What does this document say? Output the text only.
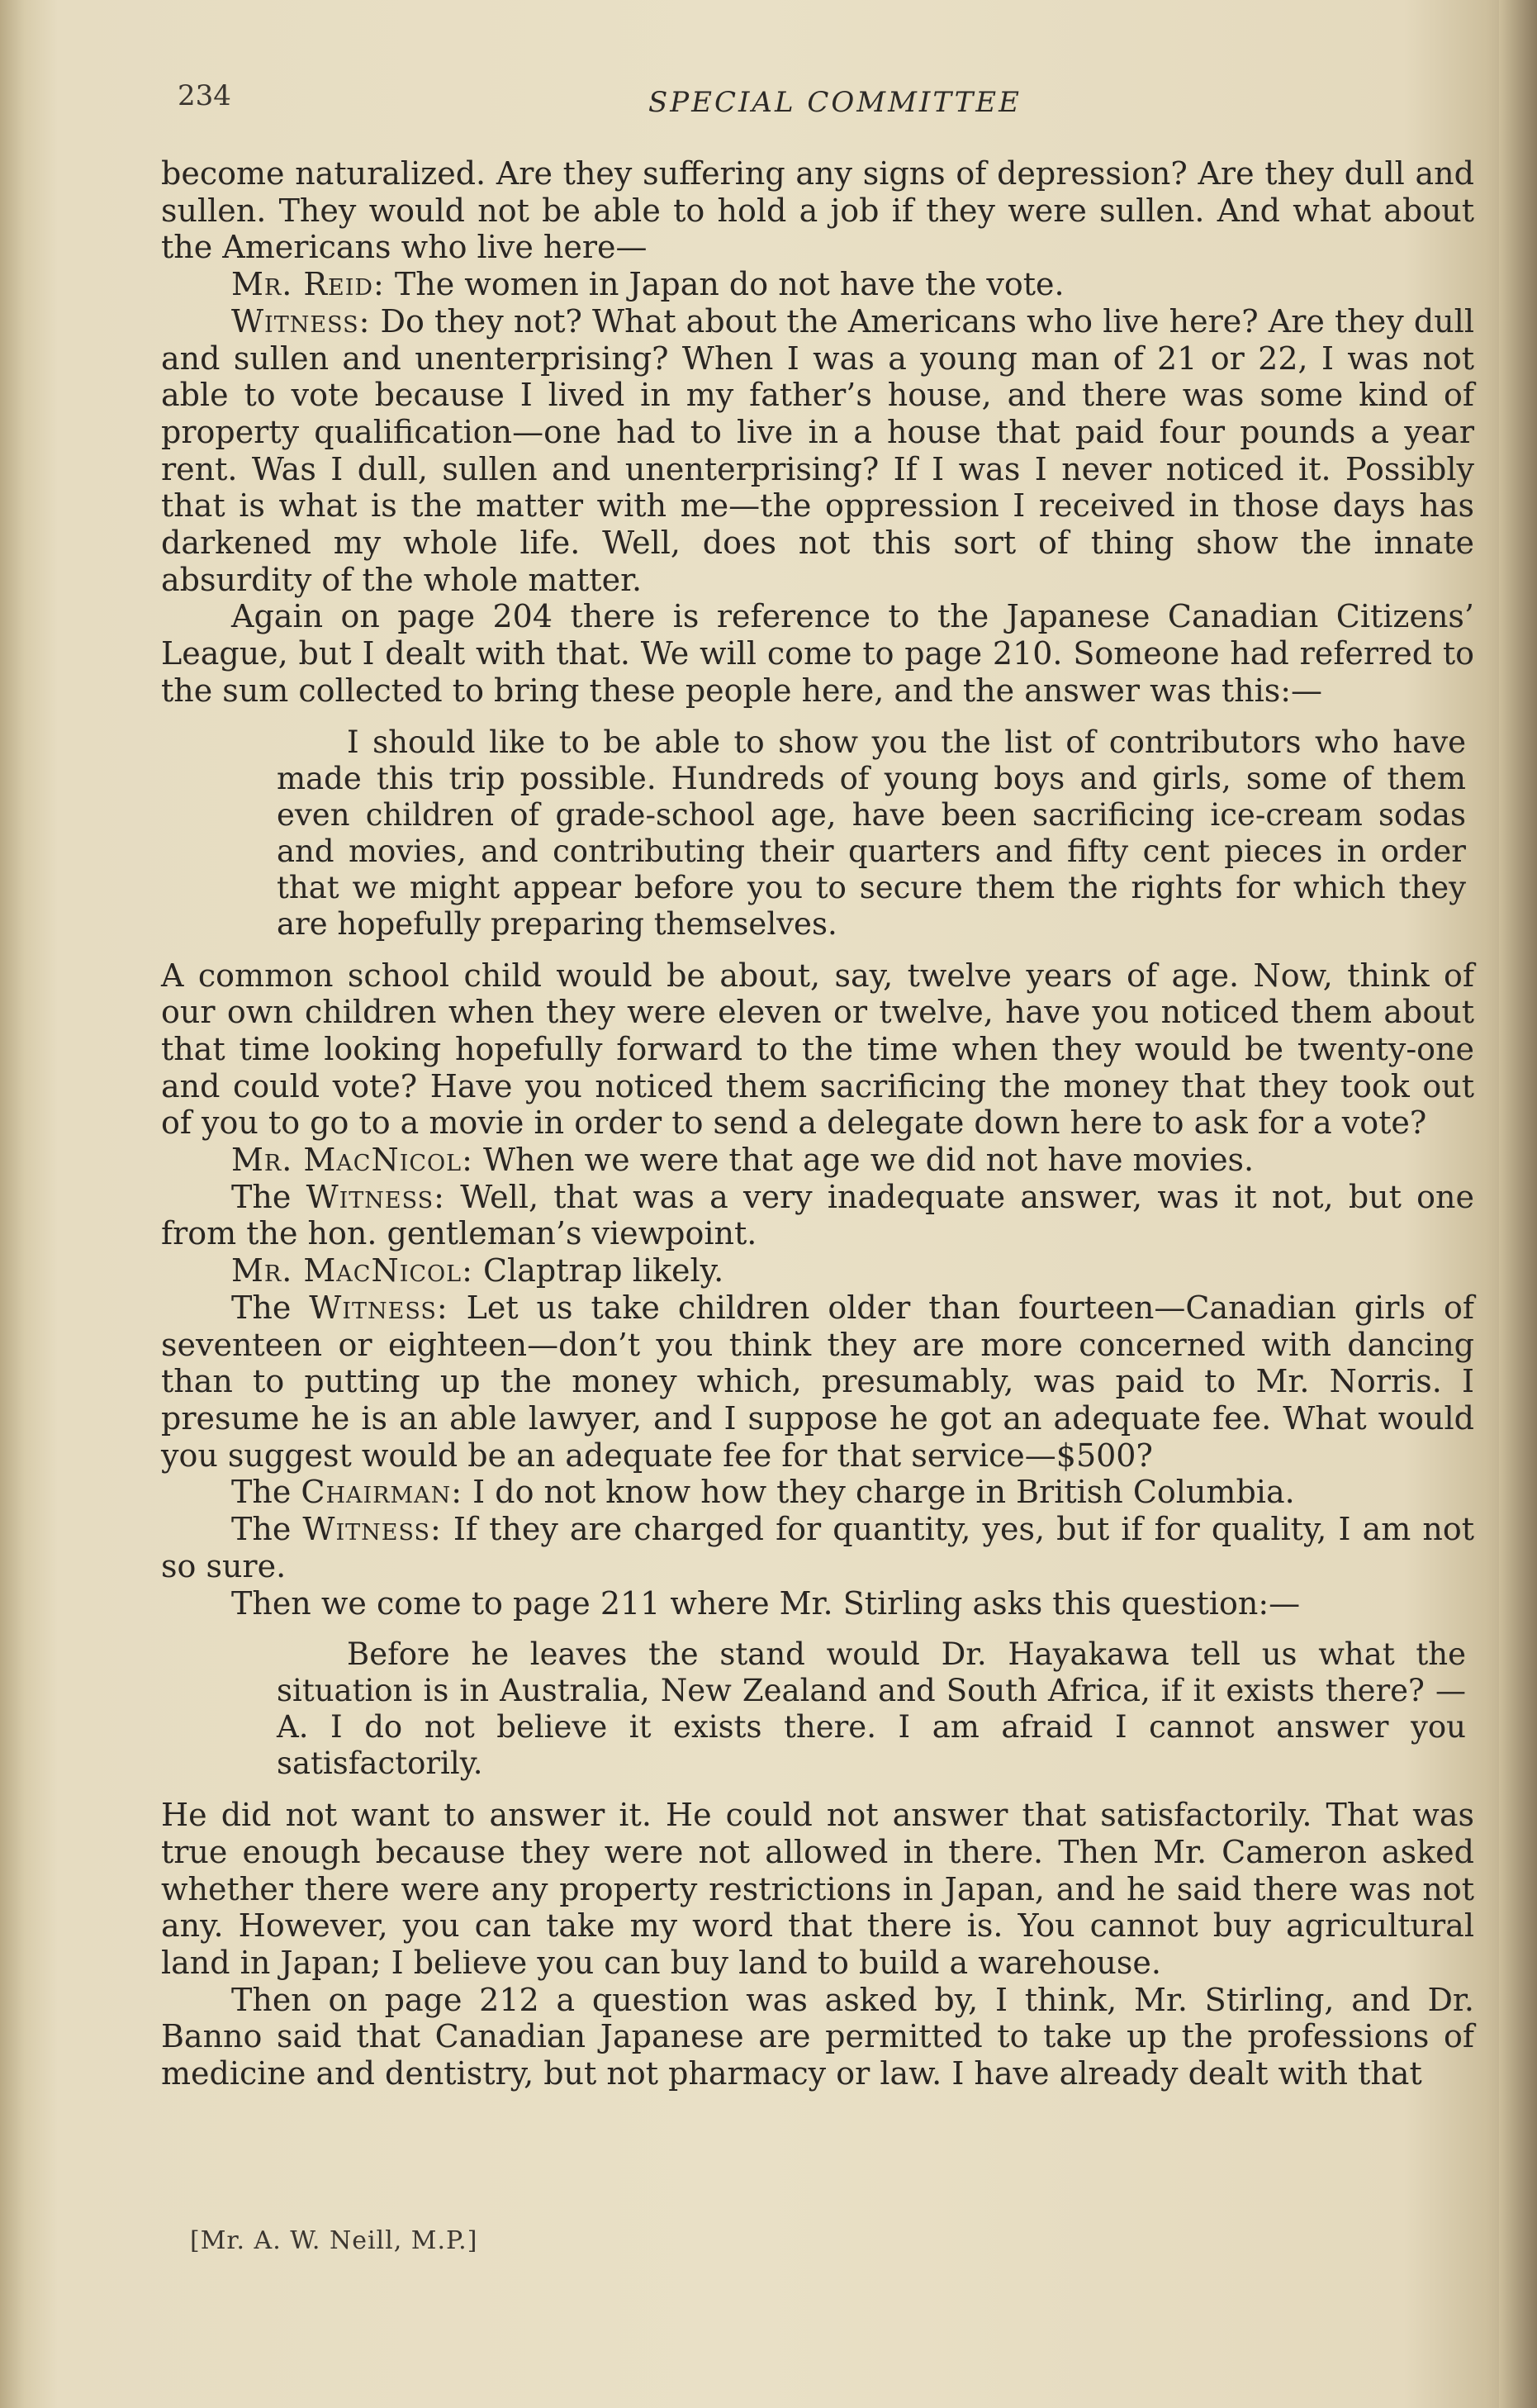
234	SPECIAL COMMITTEE

become naturalized. Are they suffering any signs of depression? Are they dull and sullen. They would not be able to hold a job if they were sullen. And what about the Americans who live here—

Mr. Reid: The women in Japan do not have the vote.

Witness: Do they not? What about the Americans who live here? Are they dull and sullen and unenterprising? When I was a young man of 21 or 22, I was not able to vote because I lived in my father’s house, and there was some kind of property qualification—one had to live in a house that paid four pounds a year rent. Was I dull, sullen and unenterprising? If I was I never noticed it. Possibly that is what is the matter with me—the oppression I received in those days has darkened my whole life. Well, does not this sort of thing show the innate absurdity of the whole matter.

Again on page 204 there is reference to the Japanese Canadian Citizens’ League, but I dealt with that. We will come to page 210. Someone had referred to the sum collected to bring these people here, and the answer was this:—

I should like to be able to show you the list of contributors who have made this trip possible. Hundreds of young boys and girls, some of them even children of grade-school age, have been sacrificing ice-cream sodas and movies, and contributing their quarters and fifty cent pieces in order that we might appear before you to secure them the rights for which they are hopefully preparing themselves.

A common school child would be about, say, twelve years of age. Now, think of our own children when they were eleven or twelve, have you noticed them about that time looking hopefully forward to the time when they would be twenty-one and could vote? Have you noticed them sacrificing the money that they took out of you to go to a movie in order to send a delegate down here to ask for a vote?

Mr. MacNicol: When we were that age we did not have movies.

The Witness: Well, that was a very inadequate answer, was it not, but one from the hon. gentleman’s viewpoint.

Mr. MacNicol: Claptrap likely.

The Witness: Let us take children older than fourteen—Canadian girls of seventeen or eighteen—don’t you think they are more concerned with dancing than to putting up the money which, presumably, was paid to Mr. Norris. I presume he is an able lawyer, and I suppose he got an adequate fee. What would you suggest would be an adequate fee for that service—$500?

The Chairman: I do not know how they charge in British Columbia.

The Witness: If they are charged for quantity, yes, but if for quality, I am not so sure.

Then we come to page 211 where Mr. Stirling asks this question:—

Before he leaves the stand would Dr. Hayakawa tell us what the situation is in Australia, New Zealand and South Africa, if it exists there? —A. I do not believe it exists there. I am afraid I cannot answer you satisfactorily.

He did not want to answer it. He could not answer that satisfactorily. That was true enough because they were not allowed in there. Then Mr. Cameron asked whether there were any property restrictions in Japan, and he said there was not any. However, you can take my word that there is. You cannot buy agricultural land in Japan; I believe you can buy land to build a warehouse.

Then on page 212 a question was asked by, I think, Mr. Stirling, and Dr. Banno said that Canadian Japanese are permitted to take up the professions of medicine and dentistry, but not pharmacy or law. I have already dealt with that

[Mr. A. W. Neill, M.P.]
